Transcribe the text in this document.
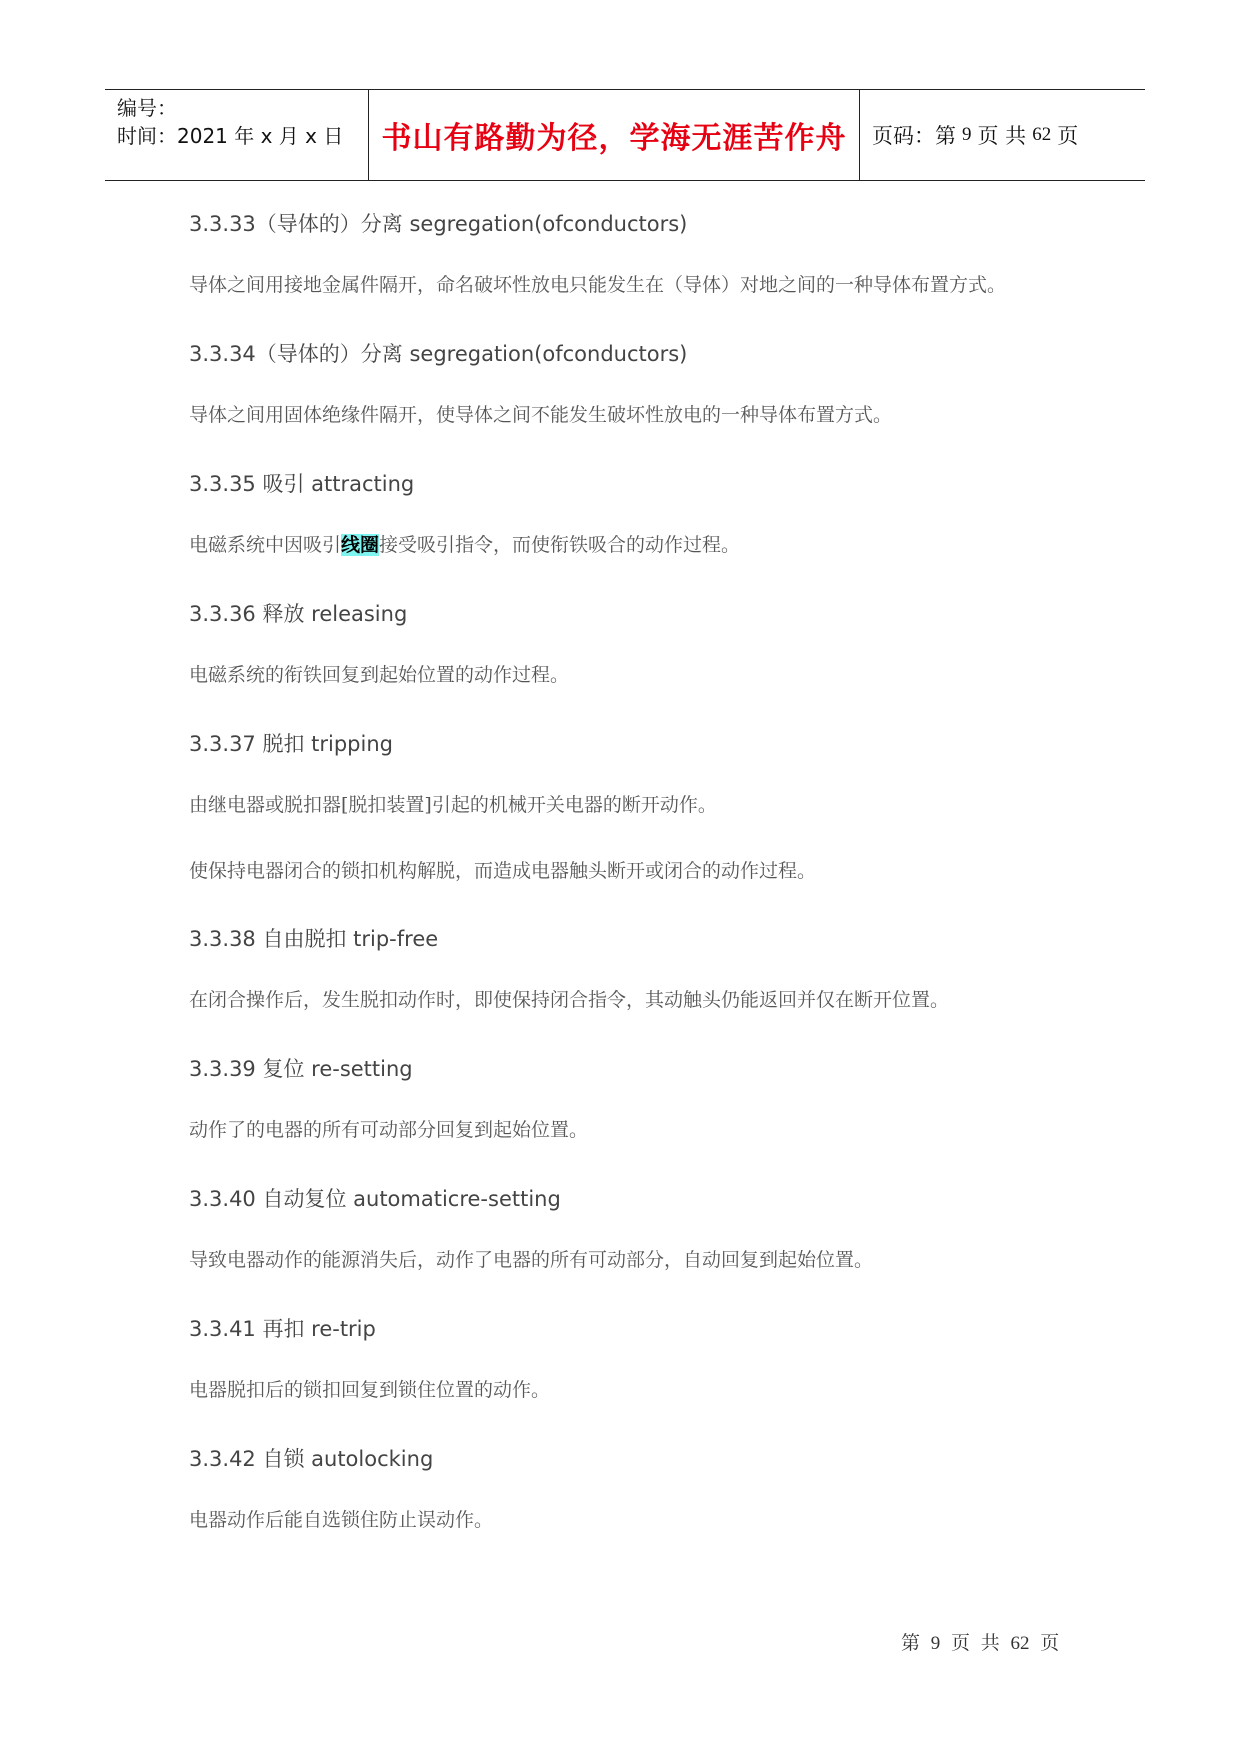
编号：
时间：2021 年 x 月 x 日	书山有路勤为径，学海无涯苦作舟 页码：第 9 页 共 62 页
3.3.33（导体的）分离 segregation(ofconductors)
导体之间用接地金属件隔开，命名破坏性放电只能发生在（导体）对地之间的一种导体布置方式。
3.3.34（导体的）分离 segregation(ofconductors)
导体之间用固体绝缘件隔开，使导体之间不能发生破坏性放电的一种导体布置方式。
3.3.35 吸引 attracting
电磁系统中因吸引线圈接受吸引指令，而使衔铁吸合的动作过程。
3.3.36 释放 releasing
电磁系统的衔铁回复到起始位置的动作过程。
3.3.37 脱扣 tripping
由继电器或脱扣器[脱扣装置]引起的机械开关电器的断开动作。
使保持电器闭合的锁扣机构解脱，而造成电器触头断开或闭合的动作过程。
3.3.38 自由脱扣 trip-free
在闭合操作后，发生脱扣动作时，即使保持闭合指令，其动触头仍能返回并仅在断开位置。
3.3.39 复位 re-setting
动作了的电器的所有可动部分回复到起始位置。
3.3.40 自动复位 automaticre-setting
导致电器动作的能源消失后，动作了电器的所有可动部分，自动回复到起始位置。
3.3.41 再扣 re-trip
电器脱扣后的锁扣回复到锁住位置的动作。
3.3.42 自锁 autolocking
电器动作后能自选锁住防止误动作。
第 9 页 共 62 页
